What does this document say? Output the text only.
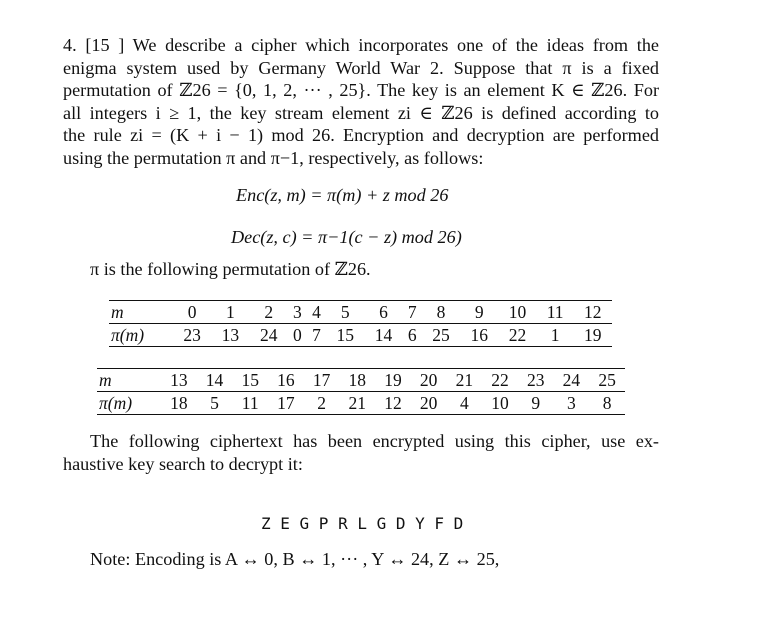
4. [15 ] We describe a cipher which incorporates one of the ideas from the
enigma system used by Germany World War 2. Suppose that π is a fixed
permutation of ℤ26 = {0, 1, 2, ··· , 25}. The key is an element K ∈ ℤ26. For
all integers i ≥ 1, the key stream element zi ∈ ℤ26 is defined according to
the rule zi = (K + i − 1) mod 26. Encryption and decryption are performed
using the permutation π and π−1, respectively, as follows:
Enc(z, m) = π(m) + z mod 26
Dec(z, c) = π−1(c − z) mod 26)
π is the following permutation of ℤ26.
m	0	1	2	3	4	5	6	7	8	9	10	11	12
π(m)	23	13	24	0	7	15	14	6	25	16	22	1	19
m	13	14	15	16	17	18	19	20	21	22	23	24	25
π(m)	18	5	11	17	2	21	12	20	4	10	9	3	8
The following ciphertext has been encrypted using this cipher, use ex-
haustive key search to decrypt it:
Z E G P R L G D Y F D
Note: Encoding is A ↔ 0, B ↔ 1, ··· , Y ↔ 24, Z ↔ 25,
